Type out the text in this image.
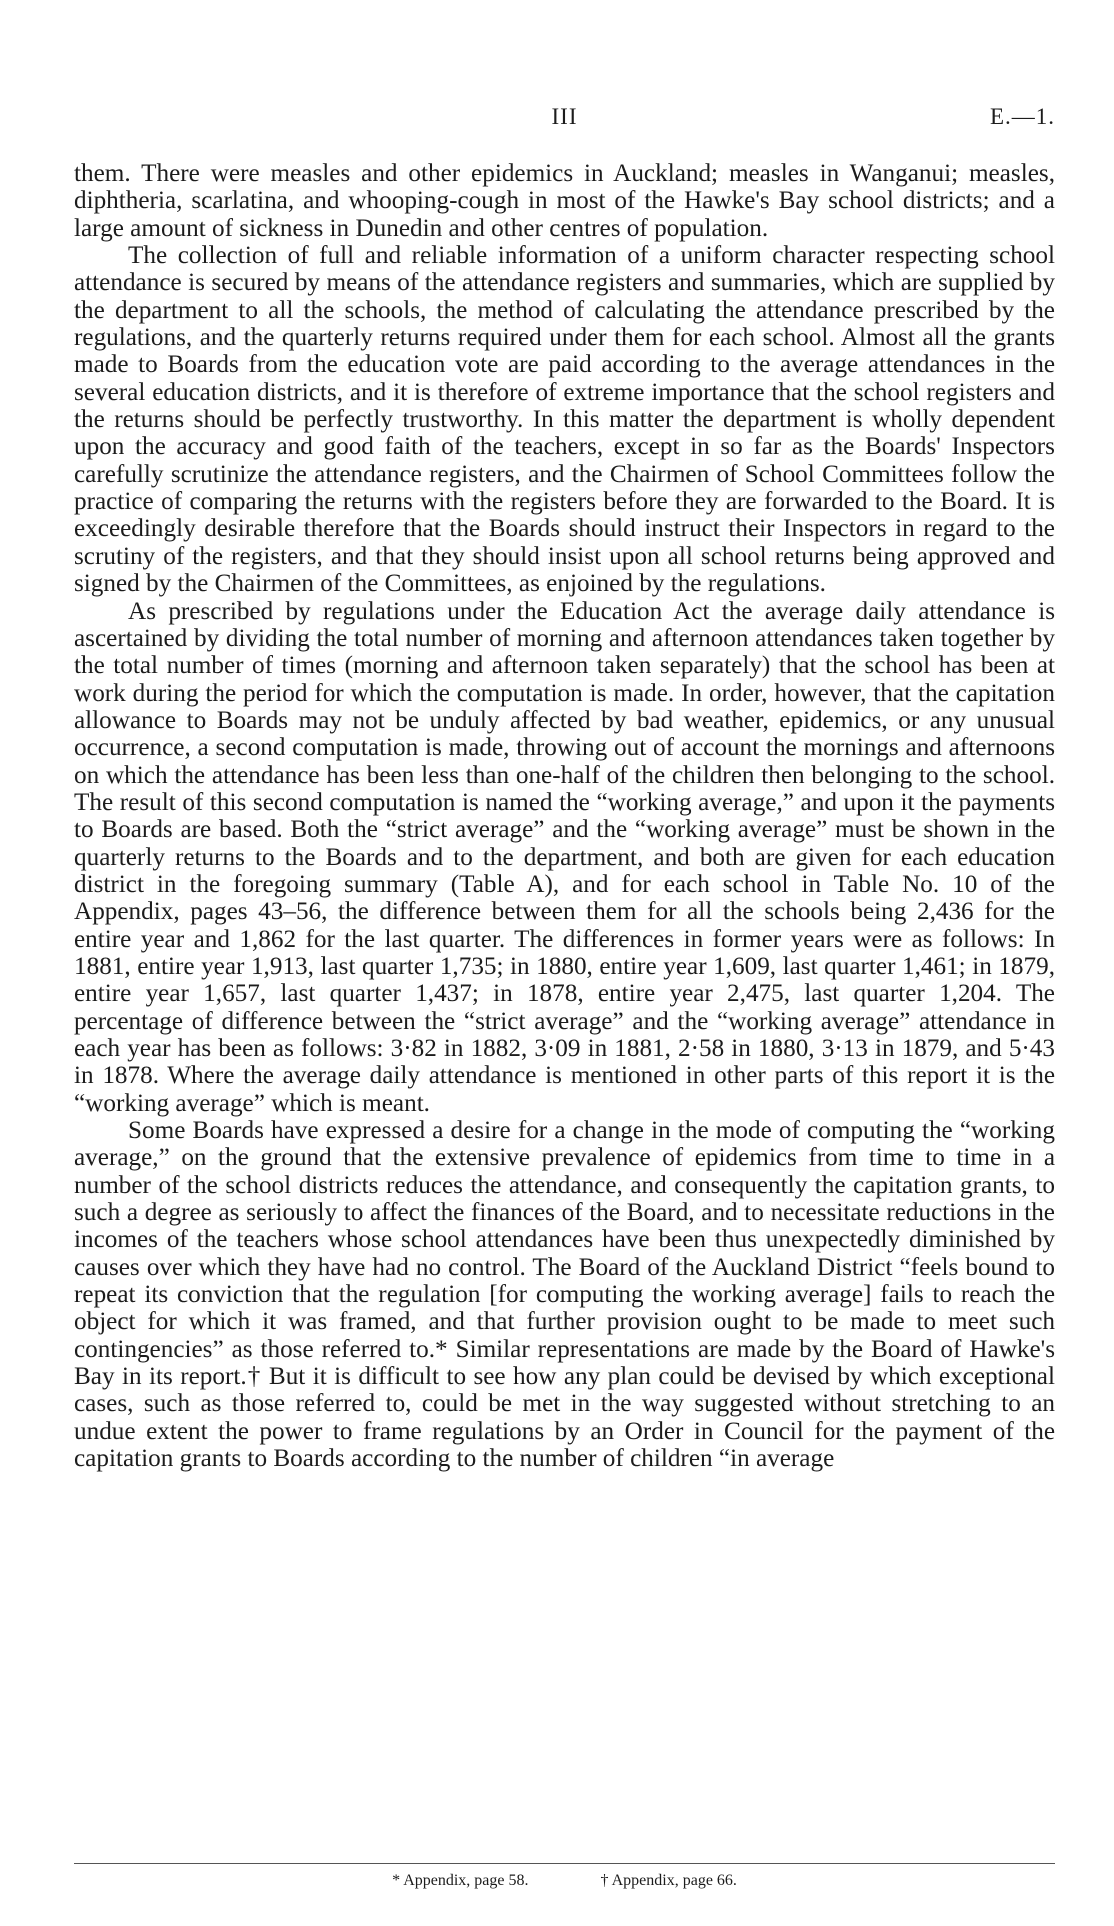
III	E.—1.

them. There were measles and other epidemics in Auckland; measles in Wanganui; measles, diphtheria, scarlatina, and whooping-cough in most of the Hawke's Bay school districts; and a large amount of sickness in Dunedin and other centres of population.

The collection of full and reliable information of a uniform character respecting school attendance is secured by means of the attendance registers and summaries, which are supplied by the department to all the schools, the method of calculating the attendance prescribed by the regulations, and the quarterly returns required under them for each school. Almost all the grants made to Boards from the education vote are paid according to the average attendances in the several education districts, and it is therefore of extreme importance that the school registers and the returns should be perfectly trustworthy. In this matter the department is wholly dependent upon the accuracy and good faith of the teachers, except in so far as the Boards' Inspectors carefully scrutinize the attendance registers, and the Chairmen of School Committees follow the practice of comparing the returns with the registers before they are forwarded to the Board. It is exceedingly desirable therefore that the Boards should instruct their Inspectors in regard to the scrutiny of the registers, and that they should insist upon all school returns being approved and signed by the Chairmen of the Committees, as enjoined by the regulations.

As prescribed by regulations under the Education Act the average daily attendance is ascertained by dividing the total number of morning and afternoon attendances taken together by the total number of times (morning and afternoon taken separately) that the school has been at work during the period for which the computation is made. In order, however, that the capitation allowance to Boards may not be unduly affected by bad weather, epidemics, or any unusual occurrence, a second computation is made, throwing out of account the mornings and afternoons on which the attendance has been less than one-half of the children then belonging to the school. The result of this second computation is named the “working average,” and upon it the payments to Boards are based. Both the “strict average” and the “working average” must be shown in the quarterly returns to the Boards and to the department, and both are given for each education district in the foregoing summary (Table A), and for each school in Table No. 10 of the Appendix, pages 43–56, the difference between them for all the schools being 2,436 for the entire year and 1,862 for the last quarter. The differences in former years were as follows: In 1881, entire year 1,913, last quarter 1,735; in 1880, entire year 1,609, last quarter 1,461; in 1879, entire year 1,657, last quarter 1,437; in 1878, entire year 2,475, last quarter 1,204. The percentage of difference between the “strict average” and the “working average” attendance in each year has been as follows: 3·82 in 1882, 3·09 in 1881, 2·58 in 1880, 3·13 in 1879, and 5·43 in 1878. Where the average daily attendance is mentioned in other parts of this report it is the “working average” which is meant.

Some Boards have expressed a desire for a change in the mode of computing the “working average,” on the ground that the extensive prevalence of epidemics from time to time in a number of the school districts reduces the attendance, and consequently the capitation grants, to such a degree as seriously to affect the finances of the Board, and to necessitate reductions in the incomes of the teachers whose school attendances have been thus unexpectedly diminished by causes over which they have had no control. The Board of the Auckland District “feels bound to repeat its conviction that the regulation [for computing the working average] fails to reach the object for which it was framed, and that further provision ought to be made to meet such contingencies” as those referred to.* Similar representations are made by the Board of Hawke's Bay in its report.† But it is difficult to see how any plan could be devised by which exceptional cases, such as those referred to, could be met in the way suggested without stretching to an undue extent the power to frame regulations by an Order in Council for the payment of the capitation grants to Boards according to the number of children “in average

* Appendix, page 58.	† Appendix, page 66.
